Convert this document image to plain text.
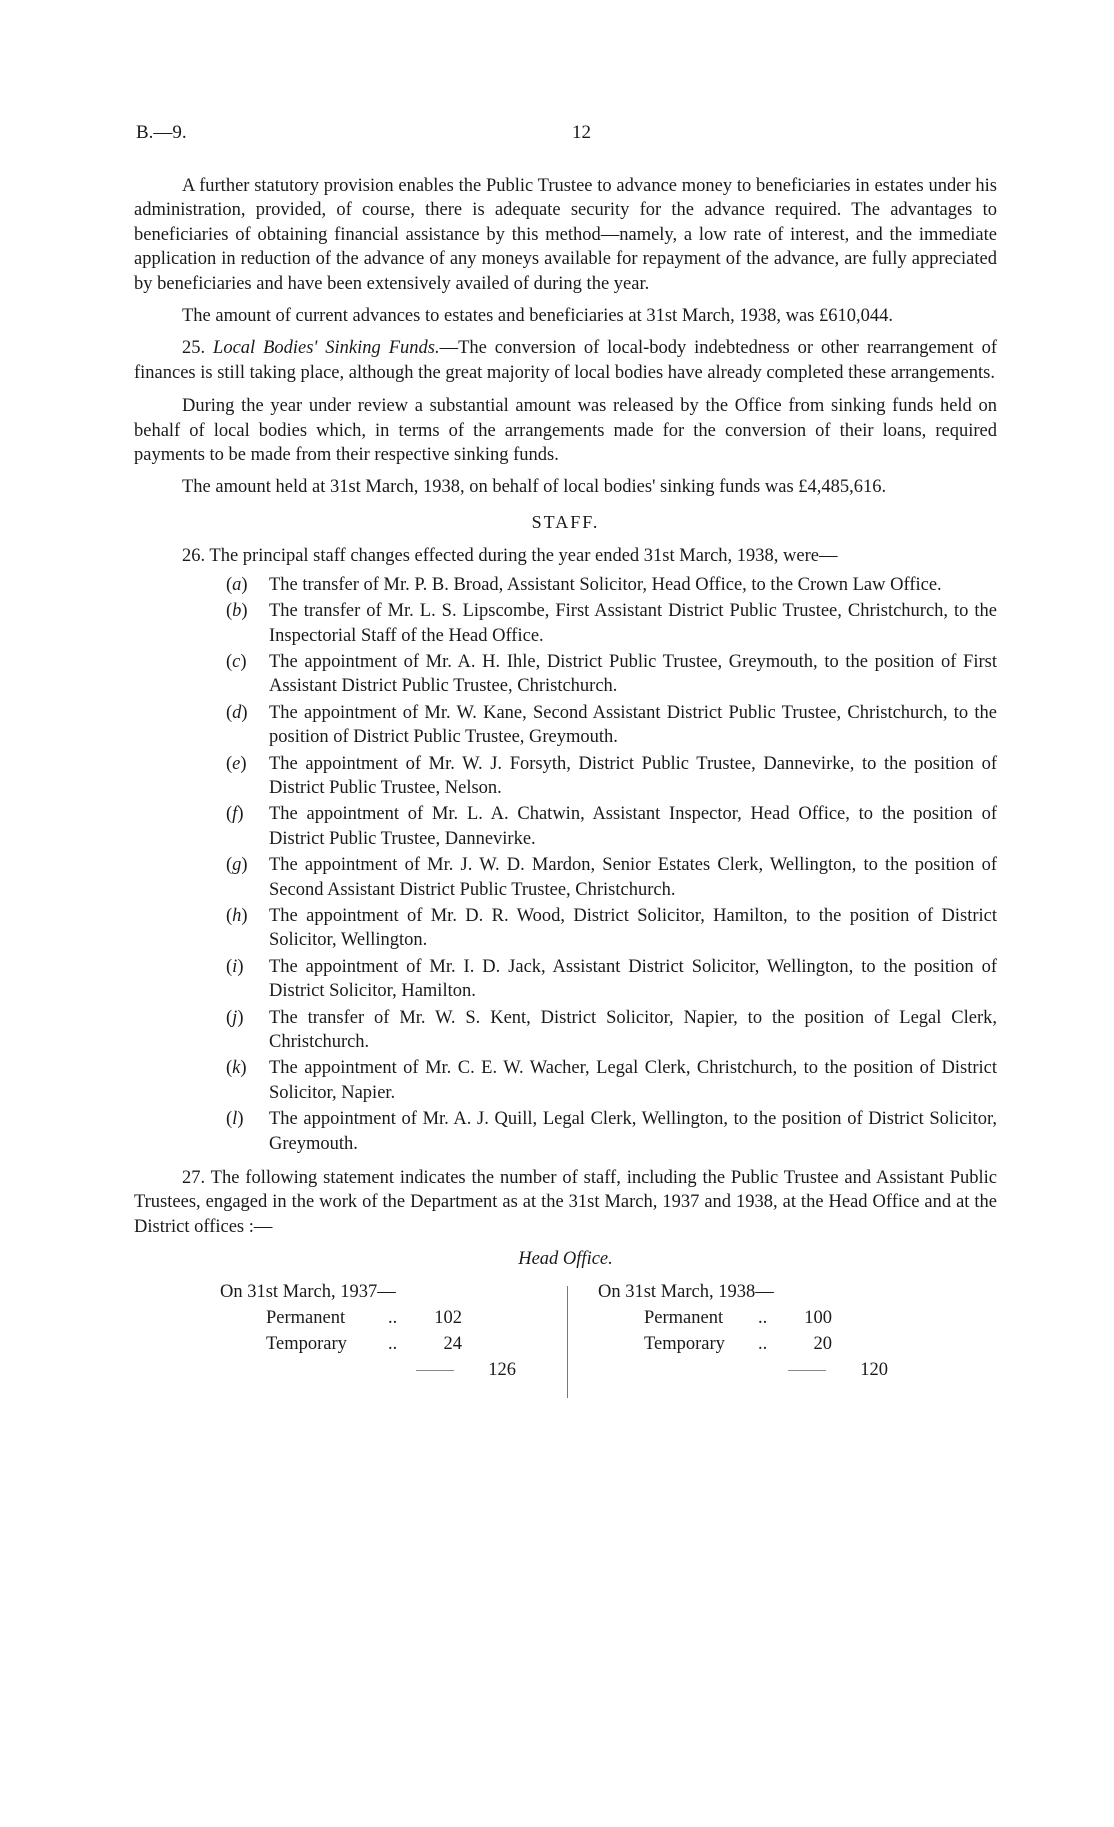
B.—9.	12

A further statutory provision enables the Public Trustee to advance money to beneficiaries in estates under his administration, provided, of course, there is adequate security for the advance required. The advantages to beneficiaries of obtaining financial assistance by this method—namely, a low rate of interest, and the immediate application in reduction of the advance of any moneys available for repayment of the advance, are fully appreciated by beneficiaries and have been extensively availed of during the year.

The amount of current advances to estates and beneficiaries at 31st March, 1938, was £610,044.

25. Local Bodies' Sinking Funds.—The conversion of local-body indebtedness or other rearrangement of finances is still taking place, although the great majority of local bodies have already completed these arrangements.

During the year under review a substantial amount was released by the Office from sinking funds held on behalf of local bodies which, in terms of the arrangements made for the conversion of their loans, required payments to be made from their respective sinking funds.

The amount held at 31st March, 1938, on behalf of local bodies' sinking funds was £4,485,616.

STAFF.

26. The principal staff changes effected during the year ended 31st March, 1938, were—

(a) The transfer of Mr. P. B. Broad, Assistant Solicitor, Head Office, to the Crown Law Office.
(b) The transfer of Mr. L. S. Lipscombe, First Assistant District Public Trustee, Christchurch, to the Inspectorial Staff of the Head Office.
(c) The appointment of Mr. A. H. Ihle, District Public Trustee, Greymouth, to the position of First Assistant District Public Trustee, Christchurch.
(d) The appointment of Mr. W. Kane, Second Assistant District Public Trustee, Christchurch, to the position of District Public Trustee, Greymouth.
(e) The appointment of Mr. W. J. Forsyth, District Public Trustee, Dannevirke, to the position of District Public Trustee, Nelson.
(f) The appointment of Mr. L. A. Chatwin, Assistant Inspector, Head Office, to the position of District Public Trustee, Dannevirke.
(g) The appointment of Mr. J. W. D. Mardon, Senior Estates Clerk, Wellington, to the position of Second Assistant District Public Trustee, Christchurch.
(h) The appointment of Mr. D. R. Wood, District Solicitor, Hamilton, to the position of District Solicitor, Wellington.
(i) The appointment of Mr. I. D. Jack, Assistant District Solicitor, Wellington, to the position of District Solicitor, Hamilton.
(j) The transfer of Mr. W. S. Kent, District Solicitor, Napier, to the position of Legal Clerk, Christchurch.
(k) The appointment of Mr. C. E. W. Wacher, Legal Clerk, Christchurch, to the position of District Solicitor, Napier.
(l) The appointment of Mr. A. J. Quill, Legal Clerk, Wellington, to the position of District Solicitor, Greymouth.

27. The following statement indicates the number of staff, including the Public Trustee and Assistant Public Trustees, engaged in the work of the Department as at the 31st March, 1937 and 1938, at the Head Office and at the District offices :—

Head Office.
On 31st March, 1937—
Permanent ..	102
Temporary ..	24
126
On 31st March, 1938—
Permanent ..	100
Temporary ..	20
120
